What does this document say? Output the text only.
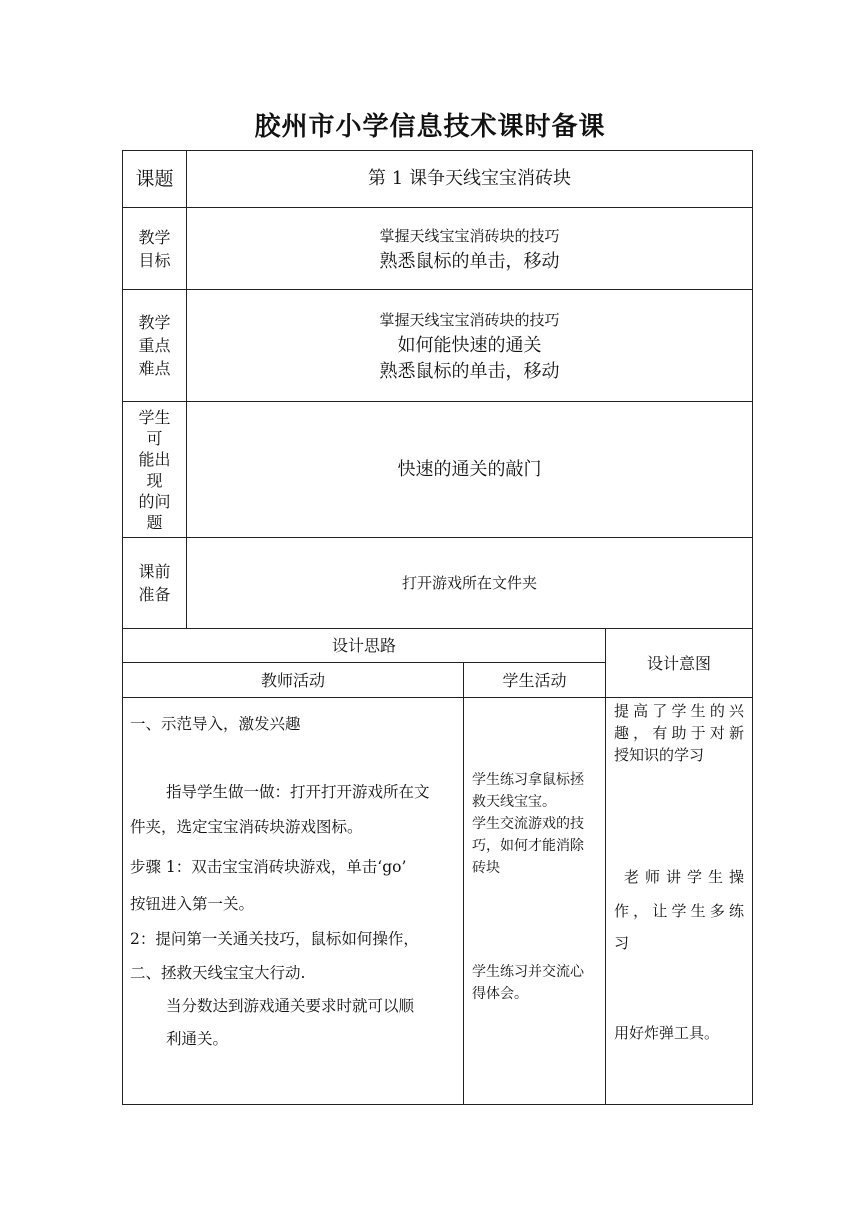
胶州市小学信息技术课时备课
课题	第 1 课争天线宝宝消砖块
教学
目标
掌握天线宝宝消砖块的技巧
熟悉鼠标的单击，移动
教学
重点
难点
掌握天线宝宝消砖块的技巧
如何能快速的通关
熟悉鼠标的单击，移动
学生
可
能出
现
的问
题
快速的通关的敲门
课前
准备
打开游戏所在文件夹
设计思路
设计意图
教师活动	学生活动
一、示范导入，激发兴趣
指导学生做一做：打开打开游戏所在文
件夹，选定宝宝消砖块游戏图标。
步骤 1：双击宝宝消砖块游戏，单击‘go’
按钮进入第一关。
2：提问第一关通关技巧，鼠标如何操作，
二、拯救天线宝宝大行动.
当分数达到游戏通关要求时就可以顺
利通关。
学生练习拿鼠标拯
救天线宝宝。
学生交流游戏的技
巧，如何才能消除
砖块
学生练习并交流心
得体会。
提高了学生的兴
趣，有助于对新
授知识的学习
老师讲学生操
作，让学生多练
习
用好炸弹工具。
